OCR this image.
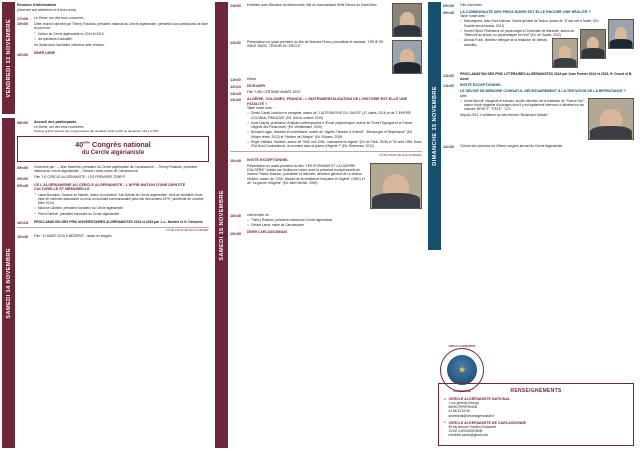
VENDREDI 13 NOVEMBRE
Réunion d'information
(réservée aux adhérents et à leurs amis)
17h30 - 19h00
Le Dôme, rue des trois couronnes
Cette réunion animée par Thierry Rolando, président national du Cercle algérianiste, permettra aux participants de faire le point sur :
• l'action du Cercle algérianiste en 2014 et 2015,
• les questions d'actualité.
Un débat avec l'auditoire clôturera cette réunion.
19h30	DÎNER LIBRE
SAMEDI 14 NOVEMBRE
08h30	Accueil des participants
Le Dôme, rue des trois couronnes
Parking gratuit réservé aux congressistes (du vendredi 13/11 à 20h au dimanche 15/11 à 16h)
40ème Congrès national
du Cercle algérianiste
09h00	Ouverture par : – Jean Manfredi, président du Cercle algérianiste de Carcassonne, – Thierry Rolando, président national du Cercle algérianiste, – Gérard Larrat, maire de Carcassonne.
09h30	Film "LE CERCLE ALGÉRIANISTE : LES PREMIERS TEMPS"
09h45	CE L'ALGÉRIANISME AU CERCLE ALGÉRIANISTE : L'AFFIR-MATION D'UNE IDENTITÉ CULTURELLE ET MÉMORIELLE
• Laura Bourquin, Docteur en histoire, auteur du mémoire "Les Débuts du Cercle algérianiste : récit de fondation d'une mise en mémoire associative ou ceux du tournant communautaire pied-noir des années 1970" (université de Lorraine, Metz 2014)
• Maurice Calmein, président fondateur du Cercle algérianiste
• Pierre Dimech, président honoraire du Cercle algérianiste
10h15	PROCLAMATION DES PRIX UNIVERSITAIRES ALGÉRIANISTES 2014 et 2015 par J.-L. Hueber et G. Delmond
CÔTÉ POUR NE PAS OUBLIER
10h45	Film "14 MARS 2015 À BÉZIERS" : retour en images	SAMEDI 15 NOVEMBRE
11h00	Entretien avec Blandine de Bellecombe, fille du commandant Hélie Denoix de Saint Marc
11h30	Présentation en avant-première du film de Marcela Feraru, journaliste et cinéaste, "HÉLIE DE SAINT MARC, TÉMOIN DU SIÈCLE"
11h40	Débat
12h10	DÉJEUNER
14h15	Film "UNE CERTAINE ANNÉE 1931"
14h30	ALGÉRIE, COLONIES, FRANCE : L'INSTRUMENTALISATION DE L'HISTOIRE EST-ELLE UNE FATALITÉ ?
Table ronde avec :
• Dimitri Casali, historien et essayiste, auteur de "L'ALTERNATIVE DU CHAOS" (JC Lattès, 2014) et de "L'EMPIRE COLONIAL FRANÇAIS" (Ed. Gründ, octobre 2015)
• Anne Dulphy, professeur d'histoire contemporaine à l'École polytechnique, auteur de "Entre l'Espagne et la France, l'Algérie des Pieds-Noirs" (Ed. Vendémiaire, 2015)
• Bernard Lugan, historien et universitaire, auteur de "Algérie, l'histoire à l'endroit", "Mensonges et Repentance" (Ed. Afrique réelle, 2013) et "Histoire de l'Afrique" (Ed. Ellipses, 2009)
• Roger Vétillard, historien, auteur de "Sétif, mai 1945 : massacres en Algérie" (Ed. de Paris, 2008) et "20 août 1955. Dans l'Est Nord-Constantinois, un tournant dans la guerre d'Algérie ?" (Ed. Riveneuve, 2012)
CÔTÉ POUR NE PAS OUBLIER
16h40	INVITÉ EXCEPTIONNEL
Présentation en avant-première du film "LES ÉCRIVAINS ET LA GUERRE D'ALGÉRIE" réalisé par Guillaume Ladet, avec la présence exceptionnelle de l'auteur Patrick Buisson, journaliste et historien, directeur général de La chaîne Histoire, auteur de "OAS, histoire de la résistance française en Algérie" (1961) et de "La guerre d'Algérie" (Ed. Albin Michel, 2009)
18h40	Intervention de :
• Thierry Rolando, président national du Cercle algérianiste
• Gérard Larrat, maire de Carcassonne
19h30	DÎNER CARCASSONNAIS
DIMANCHE 15 NOVEMBRE
09h30	Film d'archives
09h45	LA COMMUNAUTÉ DES PIEDS-NOIRS EST-ELLE ENCORE UNE RÉALITÉ ?
Table ronde avec :
• Monseigneur Jean-Yves Molinas, Vicaire général de Toulon, auteur de "D'une rive à l'autre" (Ed. Société des écrivains, 2013)
• Hubert Ripoll, Professeur de psychologie à l'Université de Marseille, auteur de "Mémoire de là-bas, un psychanalyse de l'exil" (Ed. de Gaube, 2012)
• Arnaud Folch, directeur délégué de la rédaction de Valeurs actuelles.
11h30	PROCLAMATION DES PRIX LITTÉRAIRES ALGÉRIANISTES 2015 par Jean Pomier 2014 et 2015, H. Groud et B. Assié
11h45	INVITÉ EXCEPTIONNEL
LE DEVOIR DE MÉMOIRE CONDUIT-IL NÉCESSAIREMENT À LA TENTATION DE LA REPENTANCE ?
avec
• André Bercoff, essayiste et écrivain, ancien directeur de la rédaction de "France Soir", auteur d'une vingtaine d'ouvrages dont il y est également intervenu à débattre sur les chaînes "BFMTV", "ITELE", "LCI".
Depuis 2012, il collabore au site internet "Boulevard Voltaire".
12h30	Clôture des journées du 40ème congrès annuel du Cercle algérianiste
★
CERCLE ALGÉRIANISTE
CARCASSONNE	RENSEIGNEMENTS
● CERCLE ALGÉRIANISTE NATIONAL
1 rue général Derroja
66000 PERPIGNAN
04 68 53 54 55
secretariat@cerclealgerianiste.fr
● CERCLE ALGÉRIANISTE DE CARCASSONNE
96 bis avenue Franklin-Roosevelt
11000 CARCASSONNE
manfredi.cardio@gmail.com
